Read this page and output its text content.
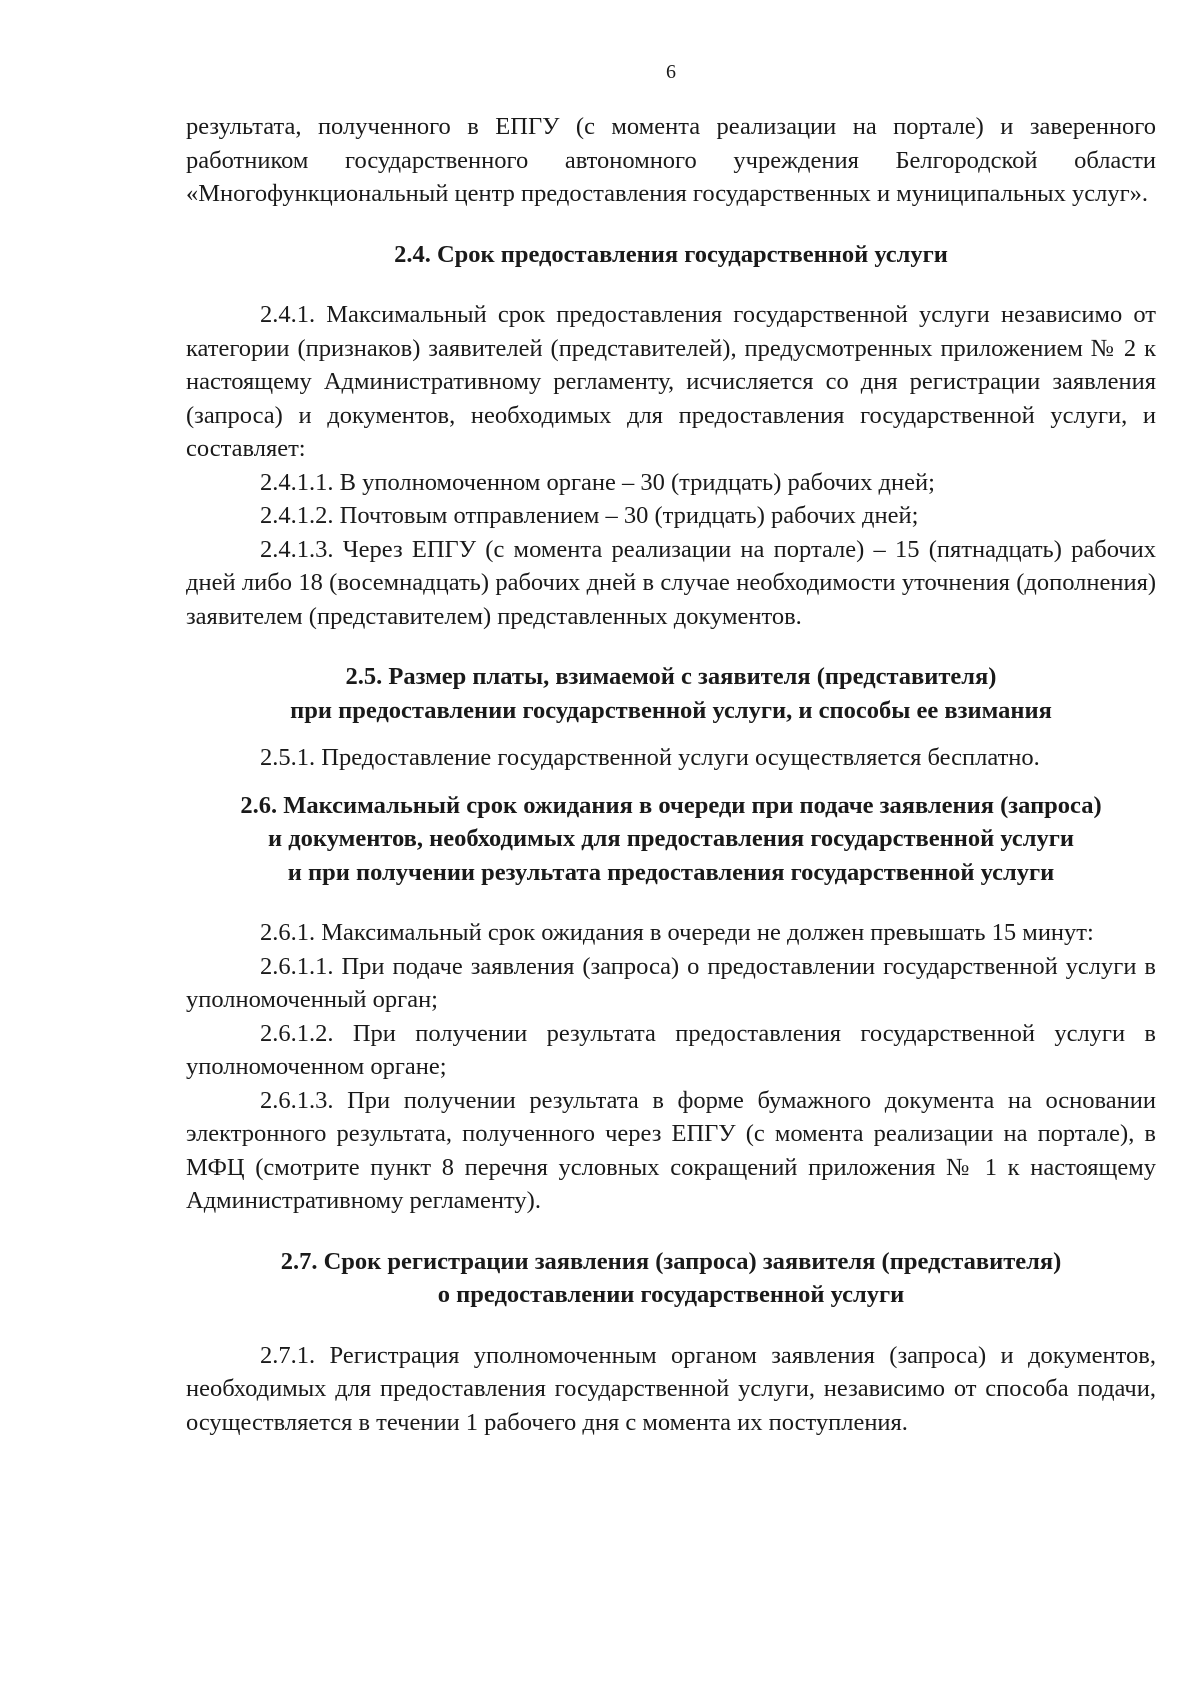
6

результата, полученного в ЕПГУ (с момента реализации на портале) и заверенного работником государственного автономного учреждения Белгородской области «Многофункциональный центр предоставления государственных и муниципальных услуг».

2.4. Срок предоставления государственной услуги

2.4.1. Максимальный срок предоставления государственной услуги независимо от категории (признаков) заявителей (представителей), предусмотренных приложением № 2 к настоящему Административному регламенту, исчисляется со дня регистрации заявления (запроса) и документов, необходимых для предоставления государственной услуги, и составляет:

2.4.1.1. В уполномоченном органе – 30 (тридцать) рабочих дней;

2.4.1.2. Почтовым отправлением – 30 (тридцать) рабочих дней;

2.4.1.3. Через ЕПГУ (с момента реализации на портале) – 15 (пятнадцать) рабочих дней либо 18 (восемнадцать) рабочих дней в случае необходимости уточнения (дополнения) заявителем (представителем) представленных документов.

2.5. Размер платы, взимаемой с заявителя (представителя)
при предоставлении государственной услуги, и способы ее взимания

2.5.1. Предоставление государственной услуги осуществляется бесплатно.

2.6. Максимальный срок ожидания в очереди при подаче заявления (запроса)
и документов, необходимых для предоставления государственной услуги
и при получении результата предоставления государственной услуги

2.6.1. Максимальный срок ожидания в очереди не должен превышать 15 минут:

2.6.1.1. При подаче заявления (запроса) о предоставлении государственной услуги в уполномоченный орган;

2.6.1.2. При получении результата предоставления государственной услуги в уполномоченном органе;

2.6.1.3. При получении результата в форме бумажного документа на основании электронного результата, полученного через ЕПГУ (с момента реализации на портале), в МФЦ (смотрите пункт 8 перечня условных сокращений приложения № 1 к настоящему Административному регламенту).

2.7. Срок регистрации заявления (запроса) заявителя (представителя)
о предоставлении государственной услуги

2.7.1. Регистрация уполномоченным органом заявления (запроса) и документов, необходимых для предоставления государственной услуги, независимо от способа подачи, осуществляется в течении 1 рабочего дня с момента их поступления.
